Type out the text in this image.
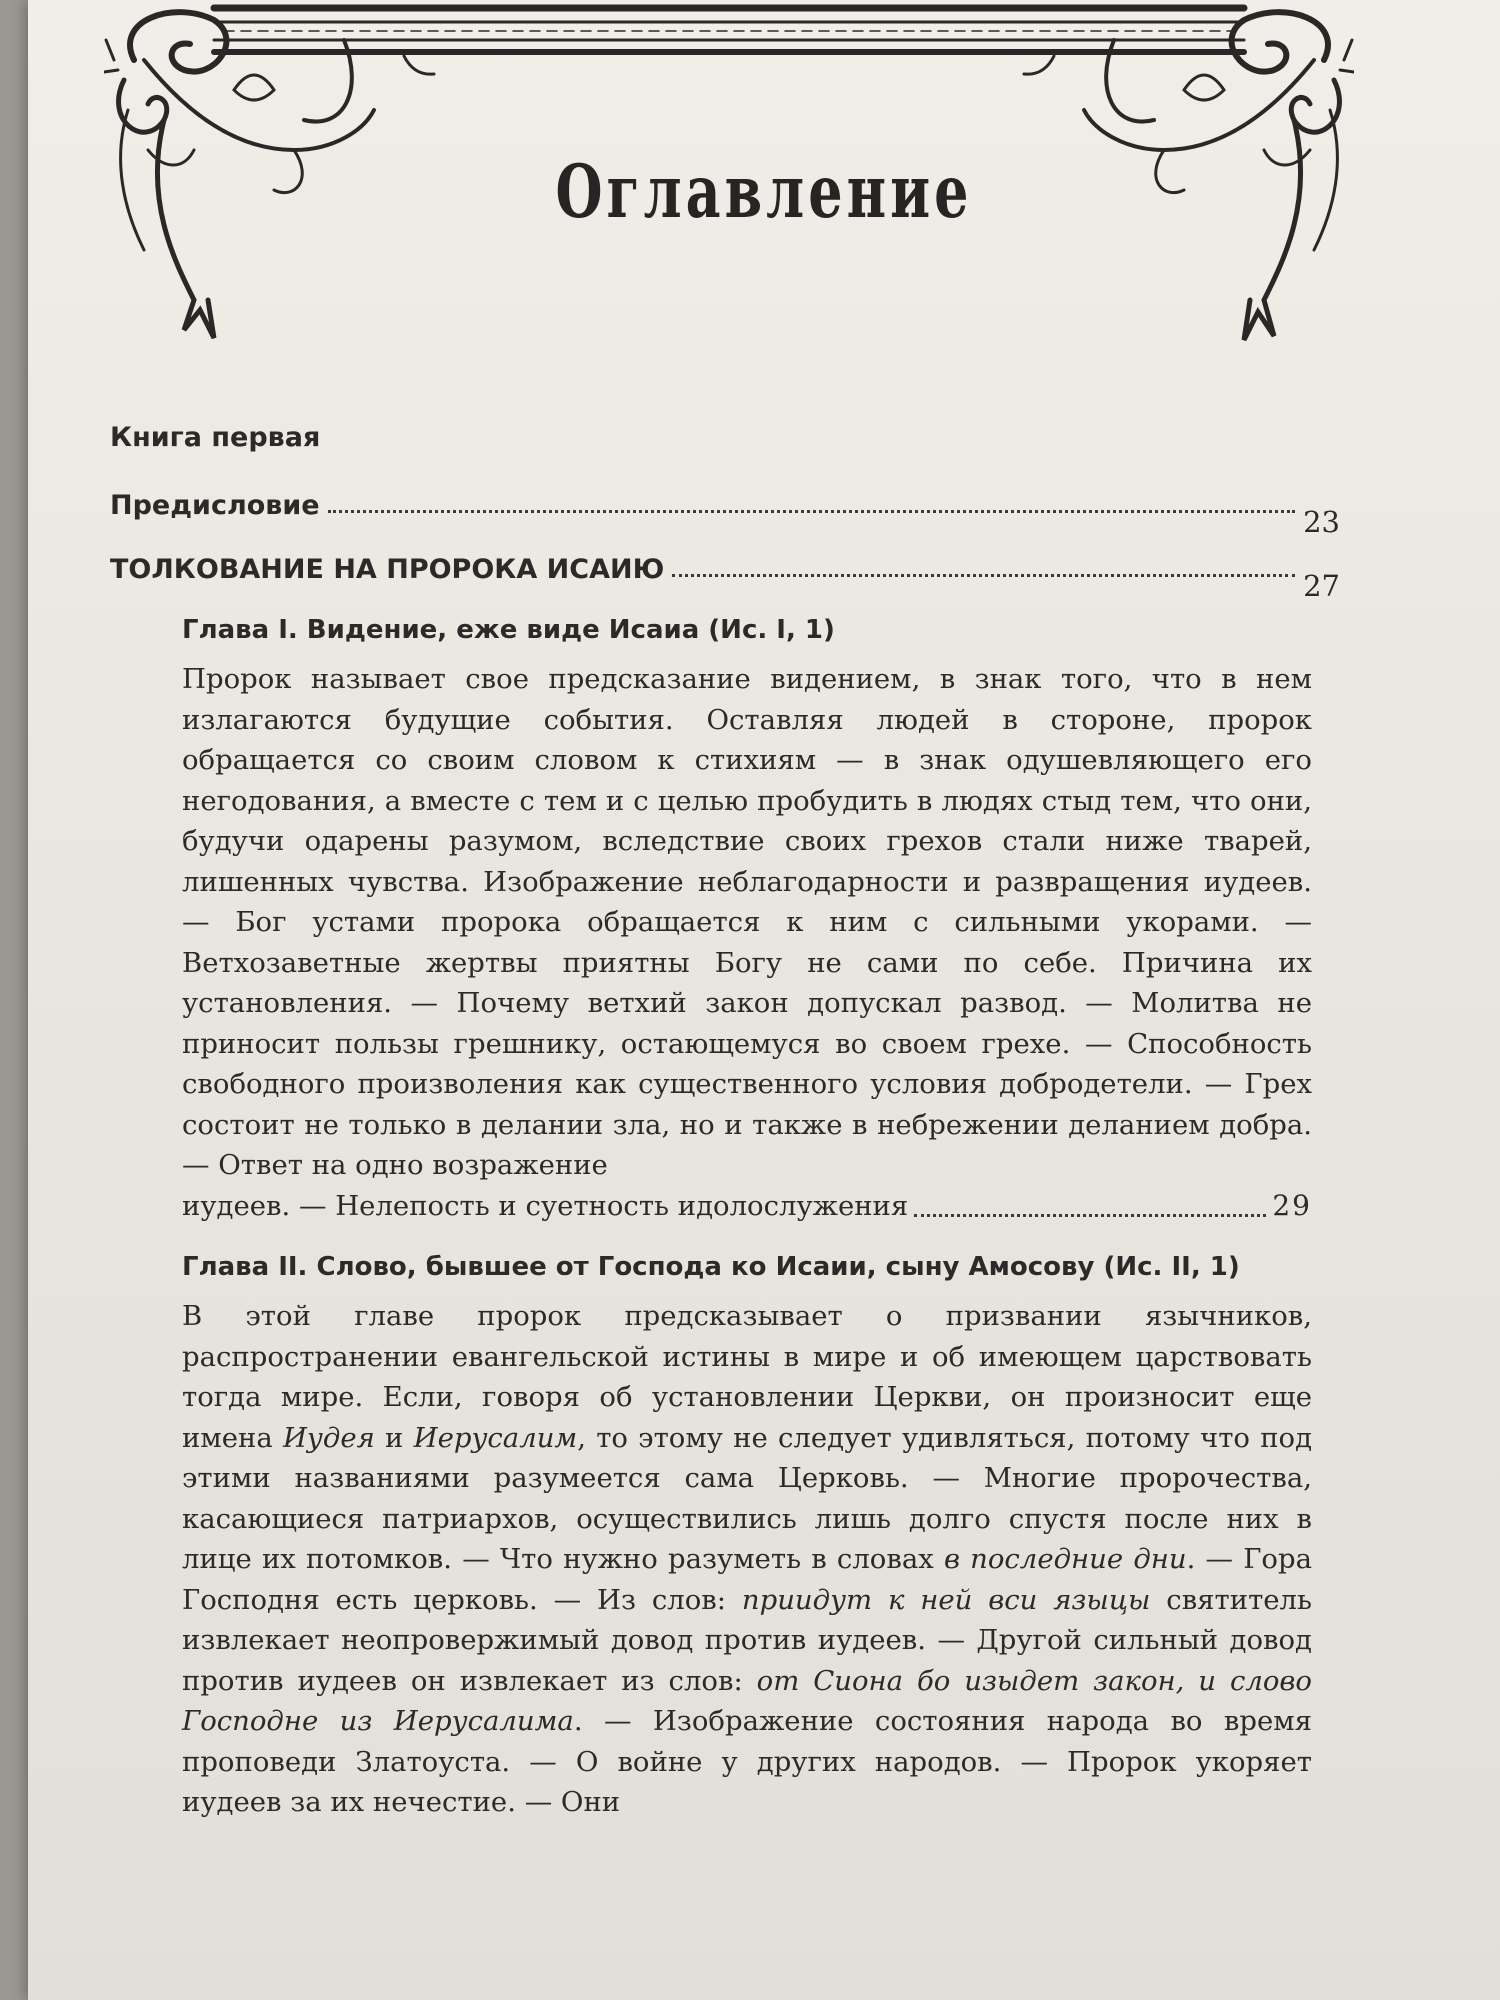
Оглавление
Книга первая
Предисловие	23
ТОЛКОВАНИЕ НА ПРОРОКА ИСАИЮ	27
Глава I. Видение, еже виде Исаиа (Ис. I, 1)

Пророк называет свое предсказание видением, в знак того, что в нем излагаются будущие события. Оставляя людей в стороне, пророк обращается со своим словом к стихиям — в знак одушевляющего его негодования, а вместе с тем и с целью пробудить в людях стыд тем, что они, будучи одарены разумом, вследствие своих грехов стали ниже тварей, лишенных чувства. Изображение неблагодарности и развращения иудеев. — Бог устами пророка обращается к ним с сильными укорами. — Ветхозаветные жертвы приятны Богу не сами по себе. Причина их установления. — Почему ветхий закон допускал развод. — Молитва не приносит пользы грешнику, остающемуся во своем грехе. — Способность свободного произволения как существенного условия добродетели. — Грех состоит не только в делании зла, но и также в небрежении деланием добра. — Ответ на одно возражение
иудеев. — Нелепость и суетность идолослужения	29

Глава II. Слово, бывшее от Господа ко Исаии, сыну Амосову (Ис. II, 1)

В этой главе пророк предсказывает о призвании язычников, распространении евангельской истины в мире и об имеющем царствовать тогда мире. Если, говоря об установлении Церкви, он произносит еще имена Иудея и Иерусалим, то этому не следует удивляться, потому что под этими названиями разумеется сама Церковь. — Многие пророчества, касающиеся патриархов, осуществились лишь долго спустя после них в лице их потомков. — Что нужно разуметь в словах в последние дни. — Гора Господня есть церковь. — Из слов: приидут к ней вси языцы святитель извлекает неопровержимый довод против иудеев. — Другой сильный довод против иудеев он извлекает из слов: от Сиона бо изыдет закон, и слово Господне из Иерусалима. — Изображение состояния народа во время проповеди Златоуста. — О войне у других народов. — Пророк укоряет иудеев за их нечестие. — Они
